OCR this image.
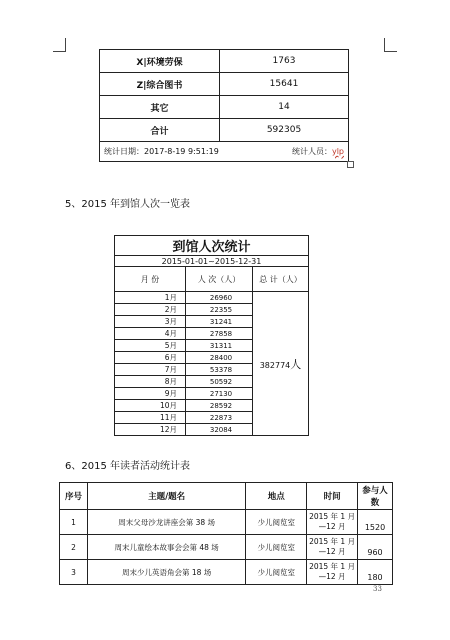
X|环境劳保	1763
Z|综合图书	15641
其它	14
合计	592305

统计日期：2017-8-19 9:51:19 统计人员：ylp	
5、2015 年到馆人次一览表
到馆人次统计		
2015-01-01~2015-12-31		
月 份	人 次（人）	总 计（人）
1月	26960	382774人
2月	22355	
3月	31241	
4月	27858	
5月	31311	
6月	28400	
7月	53378	
8月	50592	
9月	27130	
10月	28592	
11月	22873	
12月	32084	
6、2015 年读者活动统计表
序号	主题/题名	地点	时间	参与人数
1	周末父母沙龙讲座会第 38 场	少儿阅览室	2015 年 1 月—12 月	1520
2	周末儿童绘本故事会会第 48 场	少儿阅览室	2015 年 1 月—12 月	960
3	周末少儿英语角会第 18 场	少儿阅览室	2015 年 1 月—12 月	180
33
